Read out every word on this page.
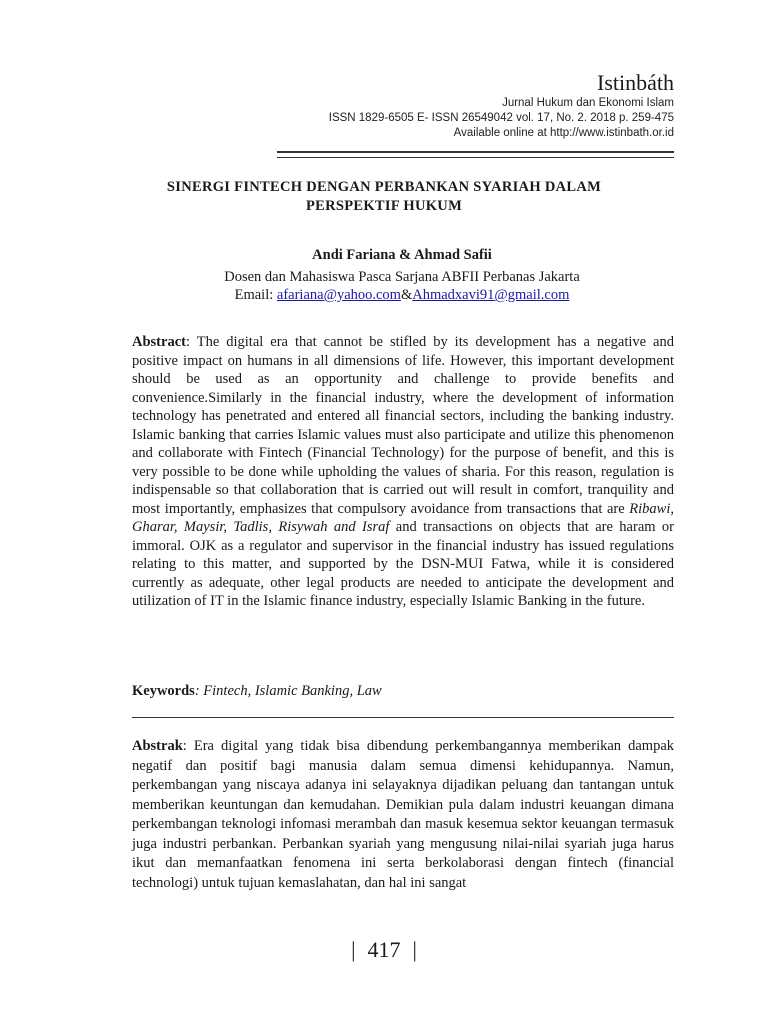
Istinbáth
Jurnal Hukum dan Ekonomi Islam
ISSN 1829-6505 E- ISSN 26549042 vol. 17, No. 2. 2018 p. 259-475
Available online at http://www.istinbath.or.id
SINERGI FINTECH DENGAN PERBANKAN SYARIAH DALAM
PERSPEKTIF HUKUM
Andi Fariana & Ahmad Safii
Dosen dan Mahasiswa Pasca Sarjana ABFII Perbanas Jakarta
Email: afariana@yahoo.com&Ahmadxavi91@gmail.com

Abstract: The digital era that cannot be stifled by its development has a negative and positive impact on humans in all dimensions of life. However, this important development should be used as an opportunity and challenge to provide benefits and convenience.Similarly in the financial industry, where the development of information technology has penetrated and entered all financial sectors, including the banking industry. Islamic banking that carries Islamic values must also participate and utilize this phenomenon and collaborate with Fintech (Financial Technology) for the purpose of benefit, and this is very possible to be done while upholding the values of sharia. For this reason, regulation is indispensable so that collaboration that is carried out will result in comfort, tranquility and most importantly, emphasizes that compulsory avoidance from transactions that are Ribawi, Gharar, Maysir, Tadlis, Risywah and Israf and transactions on objects that are haram or immoral. OJK as a regulator and supervisor in the financial industry has issued regulations relating to this matter, and supported by the DSN-MUI Fatwa, while it is considered currently as adequate, other legal products are needed to anticipate the development and utilization of IT in the Islamic finance industry, especially Islamic Banking in the future.

Keywords: Fintech, Islamic Banking, Law

Abstrak: Era digital yang tidak bisa dibendung perkembangannya memberikan dampak negatif dan positif bagi manusia dalam semua dimensi kehidupannya. Namun, perkembangan yang niscaya adanya ini selayaknya dijadikan peluang dan tantangan untuk memberikan keuntungan dan kemudahan. Demikian pula dalam industri keuangan dimana perkembangan teknologi infomasi merambah dan masuk kesemua sektor keuangan termasuk juga industri perbankan. Perbankan syariah yang mengusung nilai-nilai syariah juga harus ikut dan memanfaatkan fenomena ini serta berkolaborasi dengan fintech (financial technologi) untuk tujuan kemaslahatan, dan hal ini sangat

| 417 |
